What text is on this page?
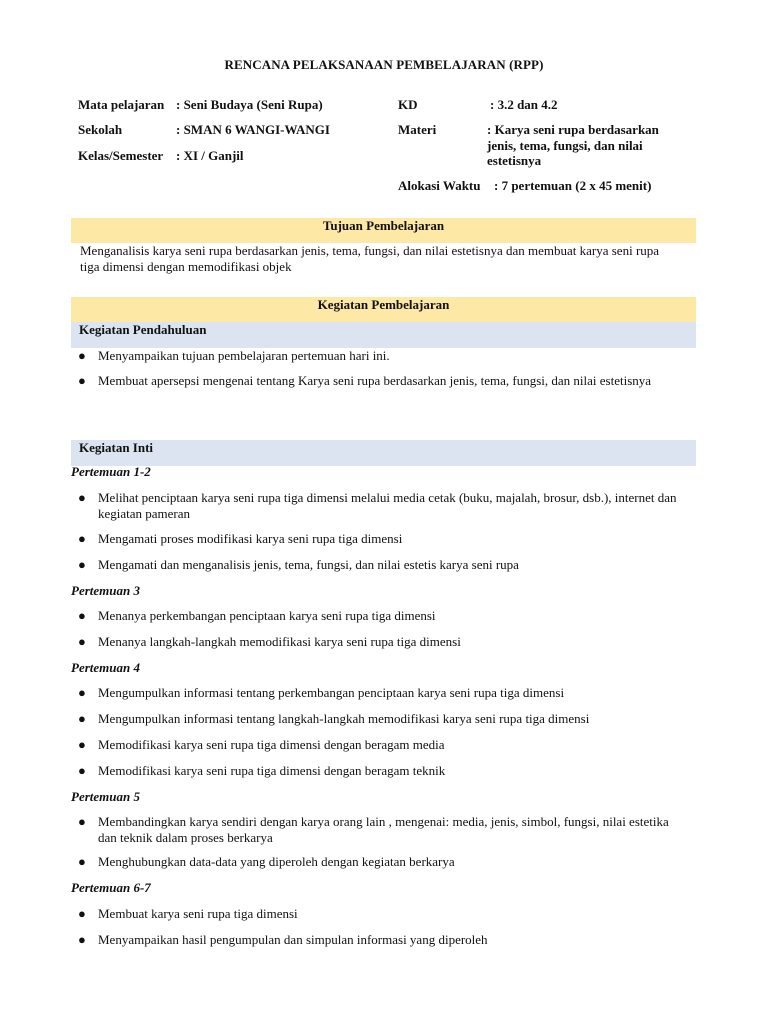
RENCANA PELAKSANAAN PEMBELAJARAN (RPP)
Mata pelajaran : Seni Budaya (Seni Rupa)
Sekolah	: SMAN 6 WANGI-WANGI
Kelas/Semester : XI / Ganjil
KD	: 3.2 dan 4.2
Materi	: Karya seni rupa berdasarkan jenis, tema, fungsi, dan nilai estetisnya
Alokasi Waktu : 7 pertemuan (2 x 45 menit)
Tujuan Pembelajaran
Menganalisis karya seni rupa berdasarkan jenis, tema, fungsi, dan nilai estetisnya dan membuat karya seni rupa tiga dimensi dengan memodifikasi objek
Kegiatan Pembelajaran
Kegiatan Pendahuluan
● Menyampaikan tujuan pembelajaran pertemuan hari ini.
● Membuat apersepsi mengenai tentang Karya seni rupa berdasarkan jenis, tema, fungsi, dan nilai estetisnya
Kegiatan Inti
Pertemuan 1-2
● Melihat penciptaan karya seni rupa tiga dimensi melalui media cetak (buku, majalah, brosur, dsb.), internet dan kegiatan pameran
● Mengamati proses modifikasi karya seni rupa tiga dimensi
● Mengamati dan menganalisis jenis, tema, fungsi, dan nilai estetis karya seni rupa
Pertemuan 3
● Menanya perkembangan penciptaan karya seni rupa tiga dimensi
● Menanya langkah-langkah memodifikasi karya seni rupa tiga dimensi
Pertemuan 4
● Mengumpulkan informasi tentang perkembangan penciptaan karya seni rupa tiga dimensi
● Mengumpulkan informasi tentang langkah-langkah memodifikasi karya seni rupa tiga dimensi
● Memodifikasi karya seni rupa tiga dimensi dengan beragam media
● Memodifikasi karya seni rupa tiga dimensi dengan beragam teknik
Pertemuan 5
● Membandingkan karya sendiri dengan karya orang lain , mengenai: media, jenis, simbol, fungsi, nilai estetika dan teknik dalam proses berkarya
● Menghubungkan data-data yang diperoleh dengan kegiatan berkarya
Pertemuan 6-7
● Membuat karya seni rupa tiga dimensi
● Menyampaikan hasil pengumpulan dan simpulan informasi yang diperoleh
